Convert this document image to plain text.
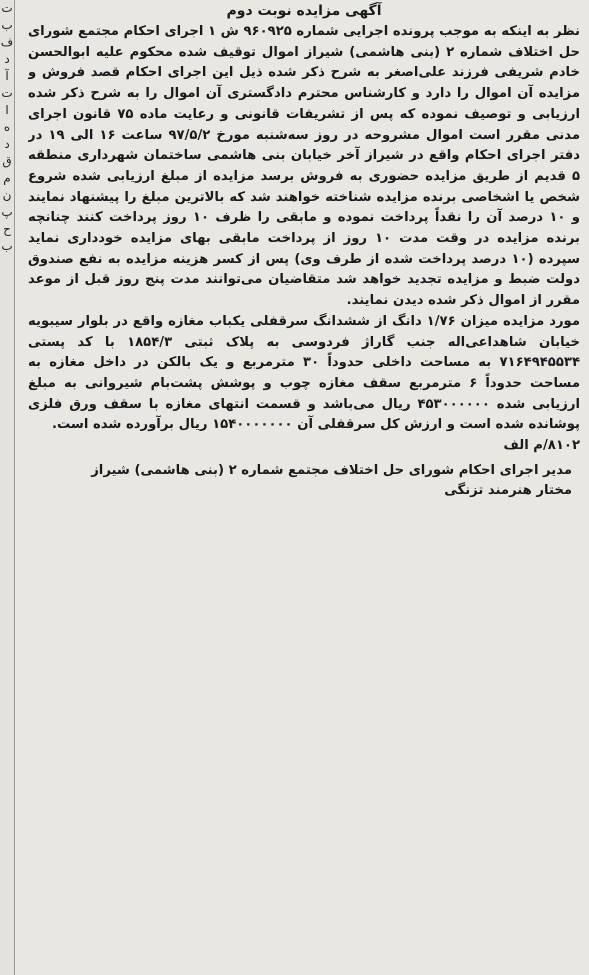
ت
ب
ف
د
آ
ت
ا
ه
د
ق
م
ن
پ
ح
ب
آگهی مزایده نوبت دوم

نظر به اینکه به موجب پرونده اجرایی شماره ۹۶۰۹۲۵ ش ۱ اجرای احکام مجتمع شورای حل اختلاف شماره ۲ (بنی هاشمی) شیراز اموال توقیف شده محکوم علیه ابوالحسن خادم شریفی فرزند علی‌اصغر به شرح ذکر شده ذیل این اجرای احکام قصد فروش و مزایده آن اموال را دارد و کارشناس محترم دادگستری آن اموال را به شرح ذکر شده ارزیابی و توصیف نموده که پس از تشریفات قانونی و رعایت ماده ۷۵ قانون اجرای مدنی مقرر است اموال مشروحه در روز سه‌شنبه مورخ ۹۷/۵/۲ ساعت ۱۶ الی ۱۹ در دفتر اجرای احکام واقع در شیراز آخر خیابان بنی هاشمی ساختمان شهرداری منطقه ۵ قدیم از طریق مزایده حضوری به فروش برسد مزایده از مبلغ ارزیابی شده شروع شخص یا اشخاصی برنده مزایده شناخته خواهند شد که بالاترین مبلغ را پیشنهاد نمایند و ۱۰ درصد آن را نقداً پرداخت نموده و مابقی را ظرف ۱۰ روز پرداخت کنند چنانچه برنده مزایده در وقت مدت ۱۰ روز از پرداخت مابقی بهای مزایده خودداری نماید سپرده (۱۰ درصد پرداخت شده از طرف وی) پس از کسر هزینه مزایده به نفع صندوق دولت ضبط و مزایده تجدید خواهد شد متقاضیان می‌توانند مدت پنج روز قبل از موعد مقرر از اموال ذکر شده دیدن نمایند.

مورد مزایده میزان ۱/۷۶ دانگ از ششدانگ سرقفلی یکباب مغازه واقع در بلوار سیبویه خیابان شاهداعی‌اله جنب گاراژ فردوسی به پلاک ثبتی ۱۸۵۴/۳ با کد پستی ۷۱۶۴۹۴۵۵۳۴ به مساحت داخلی حدوداً ۳۰ مترمربع و یک بالکن در داخل مغازه به مساحت حدوداً ۶ مترمربع سقف مغازه چوب و پوشش پشت‌بام شیروانی به مبلغ ارزیابی شده ۴۵۳۰۰۰۰۰۰ ریال می‌باشد و قسمت انتهای مغازه با سقف ورق فلزی پوشانده شده است و ارزش کل سرقفلی آن ۱۵۴۰۰۰۰۰۰۰ ریال برآورده شده است.

۸۱۰۲/م الف
مدیر اجرای احکام شورای حل اختلاف مجتمع شماره ۲ (بنی هاشمی) شیراز
مختار هنرمند تزنگی
